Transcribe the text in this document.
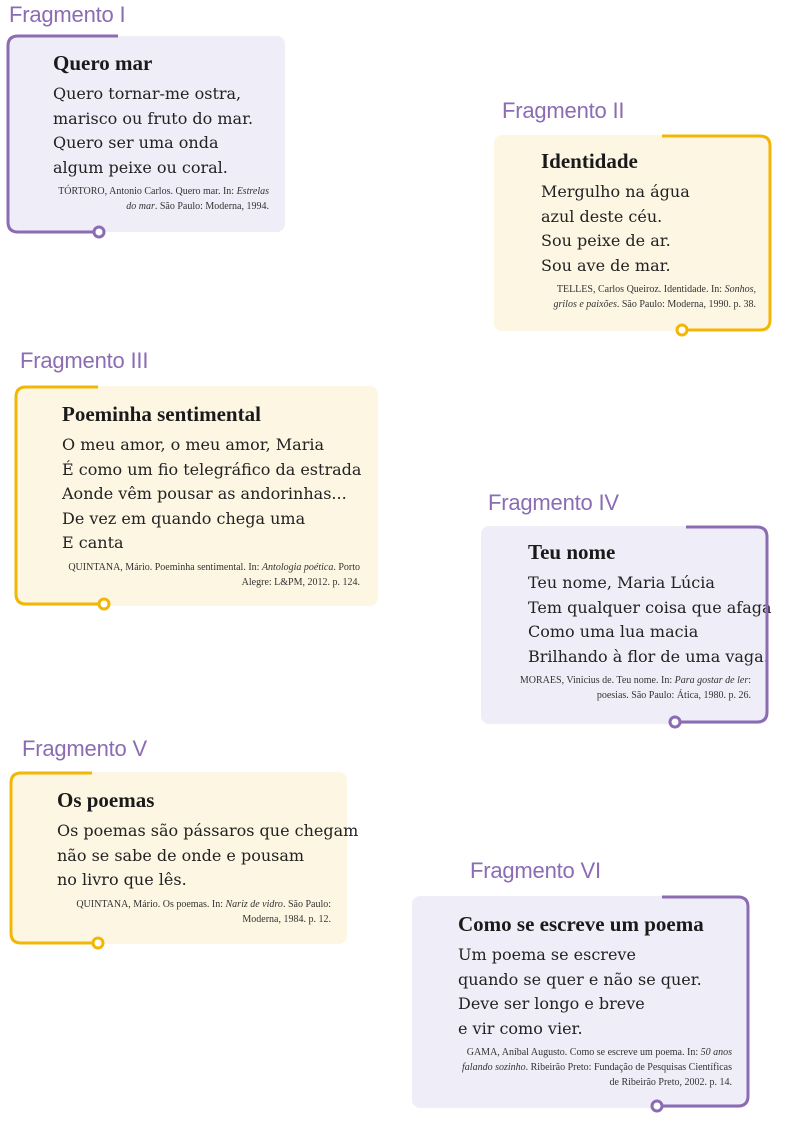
Fragmento I
Quero mar
Quero tornar-me ostra,
marisco ou fruto do mar.
Quero ser uma onda
algum peixe ou coral.
TÓRTORO, Antonio Carlos. Quero mar. In: Estrelas do mar. São Paulo: Moderna, 1994.
Fragmento II
Identidade
Mergulho na água
azul deste céu.
Sou peixe de ar.
Sou ave de mar.
TELLES, Carlos Queiroz. Identidade. In: Sonhos, grilos e paixões. São Paulo: Moderna, 1990. p. 38.
Fragmento III
Poeminha sentimental
O meu amor, o meu amor, Maria
É como um fio telegráfico da estrada
Aonde vêm pousar as andorinhas...
De vez em quando chega uma
E canta
QUINTANA, Mário. Poeminha sentimental. In: Antologia poética. Porto Alegre: L&PM, 2012. p. 124.
Fragmento IV
Teu nome
Teu nome, Maria Lúcia
Tem qualquer coisa que afaga
Como uma lua macia
Brilhando à flor de uma vaga.
MORAES, Vinicius de. Teu nome. In: Para gostar de ler: poesias. São Paulo: Ática, 1980. p. 26.
Fragmento V
Os poemas
Os poemas são pássaros que chegam
não se sabe de onde e pousam
no livro que lês.
QUINTANA, Mário. Os poemas. In: Nariz de vidro. São Paulo: Moderna, 1984. p. 12.
Fragmento VI
Como se escreve um poema
Um poema se escreve
quando se quer e não se quer.
Deve ser longo e breve
e vir como vier.
GAMA, Aníbal Augusto. Como se escreve um poema. In: 50 anos falando sozinho. Ribeirão Preto: Fundação de Pesquisas Científicas de Ribeirão Preto, 2002. p. 14.
